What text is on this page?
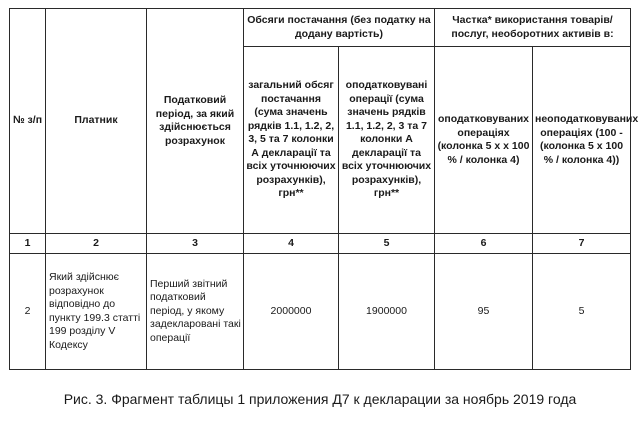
№ з/п	Платник	Податковий період, за який здійснюється розрахунок	Обсяги постачання (без податку на додану вартість)		Частка* використання товарів/послуг, необоротних активів в:	
			загальний обсяг постачання (сума значень рядків 1.1, 1.2, 2, 3, 5 та 7 колонки А декларації та всіх уточнюючих розрахунків), грн**	оподатковувані операції (сума значень рядків 1.1, 1.2, 2, 3 та 7 колонки А декларації та всіх уточнюючих розрахунків), грн**	оподатковуваних операціях (колонка 5 х х 100 % / колонка 4)	неоподатковуваних операціях (100 - (колонка 5 х 100 % / колонка 4))
1	2	3	4	5	6	7
2	Який здійснює розрахунок відповідно до пункту 199.3 статті 199 розділу V Кодексу	Перший звітний податковий період, у якому задекларовані такі операції	2000000	1900000	95	5
Рис. 3. Фрагмент таблицы 1 приложения Д7 к декларации за ноябрь 2019 года
